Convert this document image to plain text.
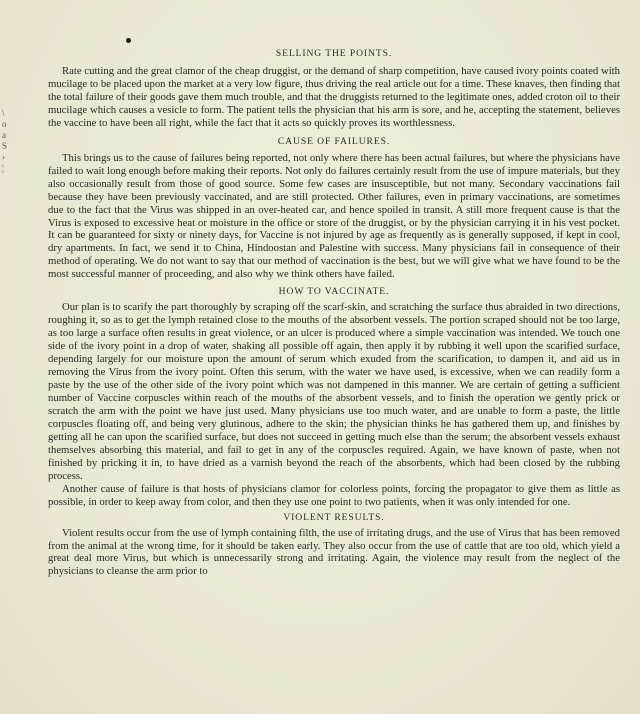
\
o
a
S
›
¦
SELLING THE POINTS.

Rate cutting and the great clamor of the cheap druggist, or the demand of sharp competition, have caused ivory points coated with mucilage to be placed upon the market at a very low figure, thus driving the real article out for a time. These knaves, then finding that the total failure of their goods gave them much trouble, and that the druggists returned to the legitimate ones, added croton oil to their mucilage which causes a vesicle to form. The patient tells the physician that his arm is sore, and he, accepting the statement, believes the vaccine to have been all right, while the fact that it acts so quickly proves its worthlessness.

CAUSE OF FAILURES.

This brings us to the cause of failures being reported, not only where there has been actual failures, but where the physicians have failed to wait long enough before making their reports. Not only do failures certainly result from the use of impure materials, but they also occasionally result from those of good source. Some few cases are insusceptible, but not many. Secondary vaccinations fail because they have been previously vaccinated, and are still protected. Other failures, even in primary vaccinations, are sometimes due to the fact that the Virus was shipped in an over-heated car, and hence spoiled in transit. A still more frequent cause is that the Virus is exposed to excessive heat or moisture in the office or store of the druggist, or by the physician carrying it in his vest pocket. It can be guaranteed for sixty or ninety days, for Vaccine is not injured by age as frequently as is generally supposed, if kept in cool, dry apartments. In fact, we send it to China, Hindoostan and Palestine with success. Many physicians fail in consequence of their method of operating. We do not want to say that our method of vaccination is the best, but we will give what we have found to be the most successful manner of proceeding, and also why we think others have failed.

HOW TO VACCINATE.

Our plan is to scarify the part thoroughly by scraping off the scarf-skin, and scratching the surface thus abraided in two directions, roughing it, so as to get the lymph retained close to the mouths of the absorbent vessels. The portion scraped should not be too large, as too large a surface often results in great violence, or an ulcer is produced where a simple vaccination was intended. We touch one side of the ivory point in a drop of water, shaking all possible off again, then apply it by rubbing it well upon the scarified surface, depending largely for our moisture upon the amount of serum which exuded from the scarification, to dampen it, and aid us in removing the Virus from the ivory point. Often this serum, with the water we have used, is excessive, when we can readily form a paste by the use of the other side of the ivory point which was not dampened in this manner. We are certain of getting a sufficient number of Vaccine corpuscles within reach of the mouths of the absorbent vessels, and to finish the operation we gently prick or scratch the arm with the point we have just used. Many physicians use too much water, and are unable to form a paste, the little corpuscles floating off, and being very glutinous, adhere to the skin; the physician thinks he has gathered them up, and finishes by getting all he can upon the scarified surface, but does not succeed in getting much else than the serum; the absorbent vessels exhaust themselves absorbing this material, and fail to get in any of the corpuscles required. Again, we have known of paste, when not finished by pricking it in, to have dried as a varnish beyond the reach of the absorbents, which had been closed by the rubbing process.

Another cause of failure is that hosts of physicians clamor for colorless points, forcing the propagator to give them as little as possible, in order to keep away from color, and then they use one point to two patients, when it was only intended for one.

VIOLENT RESULTS.

Violent results occur from the use of lymph containing filth, the use of irritating drugs, and the use of Virus that has been removed from the animal at the wrong time, for it should be taken early. They also occur from the use of cattle that are too old, which yield a great deal more Virus, but which is unnecessarily strong and irritating. Again, the violence may result from the neglect of the physicians to cleanse the arm prior to
